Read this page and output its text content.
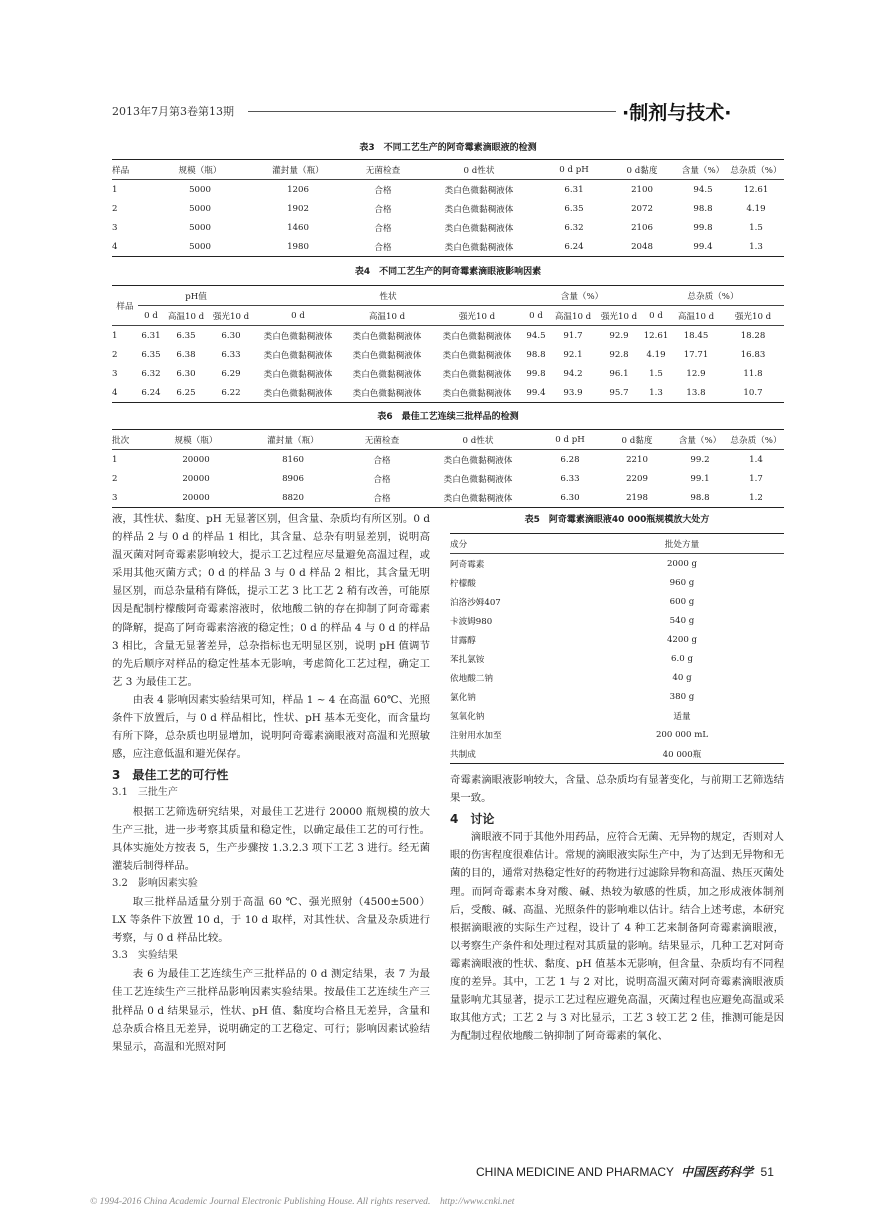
2013年7月第3卷第13期	·制剂与技术·
表3　不同工艺生产的阿奇霉素滴眼液的检测
样品	规模（瓶）	灌封量（瓶）	无菌检查	0 d性状	0 d pH	0 d黏度	含量（%）	总杂质（%）
1	5000	1206	合格	类白色微黏稠液体	6.31	2100	94.5	12.61
2	5000	1902	合格	类白色微黏稠液体	6.35	2072	98.8	4.19
3	5000	1460	合格	类白色微黏稠液体	6.32	2106	99.8	1.5
4	5000	1980	合格	类白色微黏稠液体	6.24	2048	99.4	1.3
表4　不同工艺生产的阿奇霉素滴眼液影响因素
样品	pH值			性状			含量（%）			总杂质（%）		
	0 d	高温10 d	强光10 d	0 d	高温10 d	强光10 d	0 d	高温10 d	强光10 d	0 d	高温10 d	强光10 d
1	6.31	6.35	6.30	类白色微黏稠液体	类白色微黏稠液体	类白色微黏稠液体	94.5	91.7	92.9	12.61	18.45	18.28
2	6.35	6.38	6.33	类白色微黏稠液体	类白色微黏稠液体	类白色微黏稠液体	98.8	92.1	92.8	4.19	17.71	16.83
3	6.32	6.30	6.29	类白色微黏稠液体	类白色微黏稠液体	类白色微黏稠液体	99.8	94.2	96.1	1.5	12.9	11.8
4	6.24	6.25	6.22	类白色微黏稠液体	类白色微黏稠液体	类白色微黏稠液体	99.4	93.9	95.7	1.3	13.8	10.7
表6　最佳工艺连续三批样品的检测
批次	规模（瓶）	灌封量（瓶）	无菌检查	0 d性状	0 d pH	0 d黏度	含量（%）	总杂质（%）
1	20000	8160	合格	类白色微黏稠液体	6.28	2210	99.2	1.4
2	20000	8906	合格	类白色微黏稠液体	6.33	2209	99.1	1.7
3	20000	8820	合格	类白色微黏稠液体	6.30	2198	98.8	1.2

液，其性状、黏度、pH 无显著区别，但含量、杂质均有所区别。0 d 的样品 2 与 0 d 的样品 1 相比，其含量、总杂有明显差别，说明高温灭菌对阿奇霉素影响较大，提示工艺过程应尽量避免高温过程，或采用其他灭菌方式；0 d 的样品 3 与 0 d 样品 2 相比，其含量无明显区别，而总杂量稍有降低，提示工艺 3 比工艺 2 稍有改善，可能原因是配制柠檬酸阿奇霉素溶液时，依地酸二钠的存在抑制了阿奇霉素的降解，提高了阿奇霉素溶液的稳定性；0 d 的样品 4 与 0 d 的样品 3 相比，含量无显著差异，总杂指标也无明显区别，说明 pH 值调节的先后顺序对样品的稳定性基本无影响，考虑简化工艺过程，确定工艺 3 为最佳工艺。

由表 4 影响因素实验结果可知，样品 1 ~ 4 在高温 60℃、光照条件下放置后，与 0 d 样品相比，性状、pH 基本无变化，而含量均有所下降，总杂质也明显增加，说明阿奇霉素滴眼液对高温和光照敏感，应注意低温和避光保存。

3　最佳工艺的可行性

3.1　三批生产

根据工艺筛选研究结果，对最佳工艺进行 20000 瓶规模的放大生产三批，进一步考察其质量和稳定性，以确定最佳工艺的可行性。具体实施处方按表 5，生产步骤按 1.3.2.3 项下工艺 3 进行。经无菌灌装后制得样品。

3.2　影响因素实验

取三批样品适量分别于高温 60 ℃、强光照射（4500±500）LX 等条件下放置 10 d，于 10 d 取样，对其性状、含量及杂质进行考察，与 0 d 样品比较。

3.3　实验结果

表 6 为最佳工艺连续生产三批样品的 0 d 测定结果，表 7 为最佳工艺连续生产三批样品影响因素实验结果。按最佳工艺连续生产三批样品 0 d 结果显示，性状、pH 值、黏度均合格且无差异，含量和总杂质合格且无差异，说明确定的工艺稳定、可行；影响因素试验结果显示，高温和光照对阿

表5　阿奇霉素滴眼液40 000瓶规模放大处方
成分	批处方量
阿奇霉素	2000 g
柠檬酸	960 g
泊洛沙姆407	600 g
卡波姆980	540 g
甘露醇	4200 g
苯扎氯铵	6.0 g
依地酸二钠	40 g
氯化钠	380 g
氢氧化钠	适量
注射用水加至	200 000 mL
共制成	40 000瓶

奇霉素滴眼液影响较大，含量、总杂质均有显著变化，与前期工艺筛选结果一致。

4　讨论

滴眼液不同于其他外用药品，应符合无菌、无异物的规定，否则对人眼的伤害程度很难估计。常规的滴眼液实际生产中，为了达到无异物和无菌的目的，通常对热稳定性好的药物进行过滤除异物和高温、热压灭菌处理。而阿奇霉素本身对酸、碱、热较为敏感的性质，加之形成液体制剂后，受酸、碱、高温、光照条件的影响难以估计。结合上述考虑，本研究根据滴眼液的实际生产过程，设计了 4 种工艺来制备阿奇霉素滴眼液，以考察生产条件和处理过程对其质量的影响。结果显示，几种工艺对阿奇霉素滴眼液的性状、黏度、pH 值基本无影响，但含量、杂质均有不同程度的差异。其中，工艺 1 与 2 对比，说明高温灭菌对阿奇霉素滴眼液质量影响尤其显著，提示工艺过程应避免高温，灭菌过程也应避免高温或采取其他方式；工艺 2 与 3 对比显示，工艺 3 较工艺 2 佳，推测可能是因为配制过程依地酸二钠抑制了阿奇霉素的氧化、

CHINA MEDICINE AND PHARMACY 中国医药科学 51
© 1994-2016 China Academic Journal Electronic Publishing House. All rights reserved.　http://www.cnki.net
